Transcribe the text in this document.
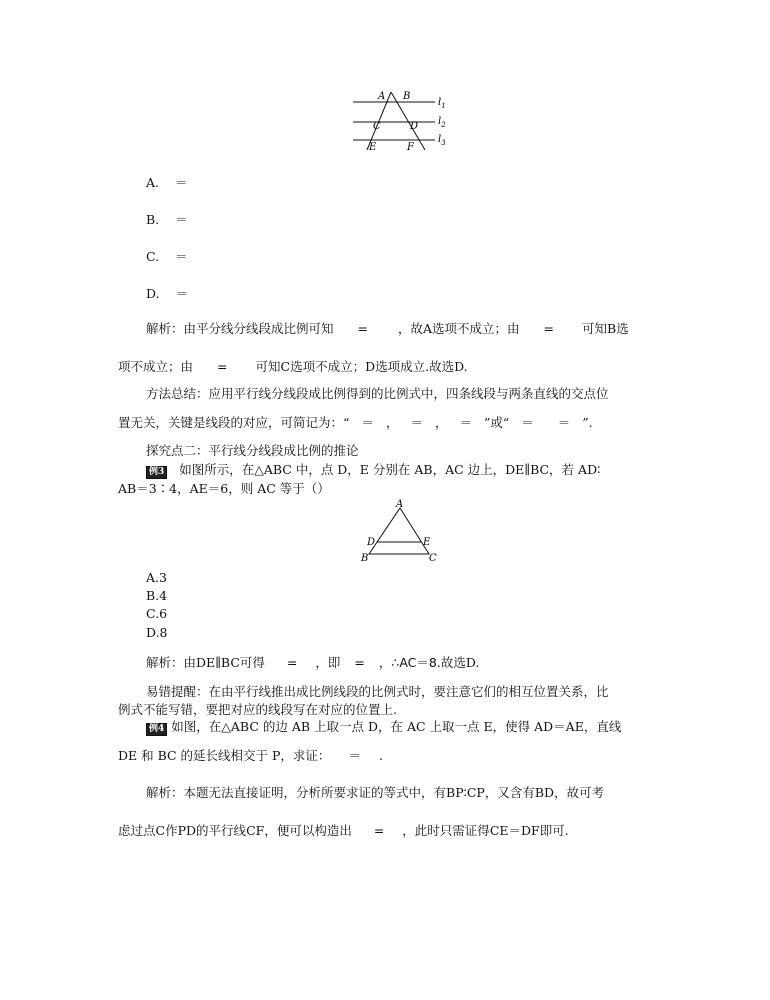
A B
C	D
E	F
$l_1$
$l_2$
$l_3$
A. ＝
B. ＝
C. ＝
D. ＝
解析：由平分线分线段成比例可知 = ，故A选项不成立；由 = 可知B选
项不成立；由 = 可知C选项不成立；D选项成立.故选D.
方法总结：应用平行线分线段成比例得到的比例式中，四条线段与两条直线的交点位
置无关，关键是线段的对应，可简记为：“ ＝ ， ＝ ， ＝ ”或“ ＝ ＝ ”.
探究点二：平行线分线段成比例的推论
例3 如图所示，在△ABC 中，点 D，E 分别在 AB，AC 边上，DE∥BC，若 AD∶
AB＝3∶4，AE＝6，则 AC 等于（）
A
D	E
B	C
A.3
B.4
C.6
D.8
解析：由DE∥BC可得 = ，即 = ，∴AC＝8.故选D.
易错提醒：在由平行线推出成比例线段的比例式时，要注意它们的相互位置关系，比
例式不能写错，要把对应的线段写在对应的位置上.
例4 如图，在△ABC 的边 AB 上取一点 D，在 AC 上取一点 E，使得 AD＝AE，直线
DE 和 BC 的延长线相交于 P，求证： ＝ .
解析：本题无法直接证明，分析所要求证的等式中，有BP∶CP，又含有BD，故可考
虑过点C作PD的平行线CF，便可以构造出 = ，此时只需证得CE＝DF即可.
